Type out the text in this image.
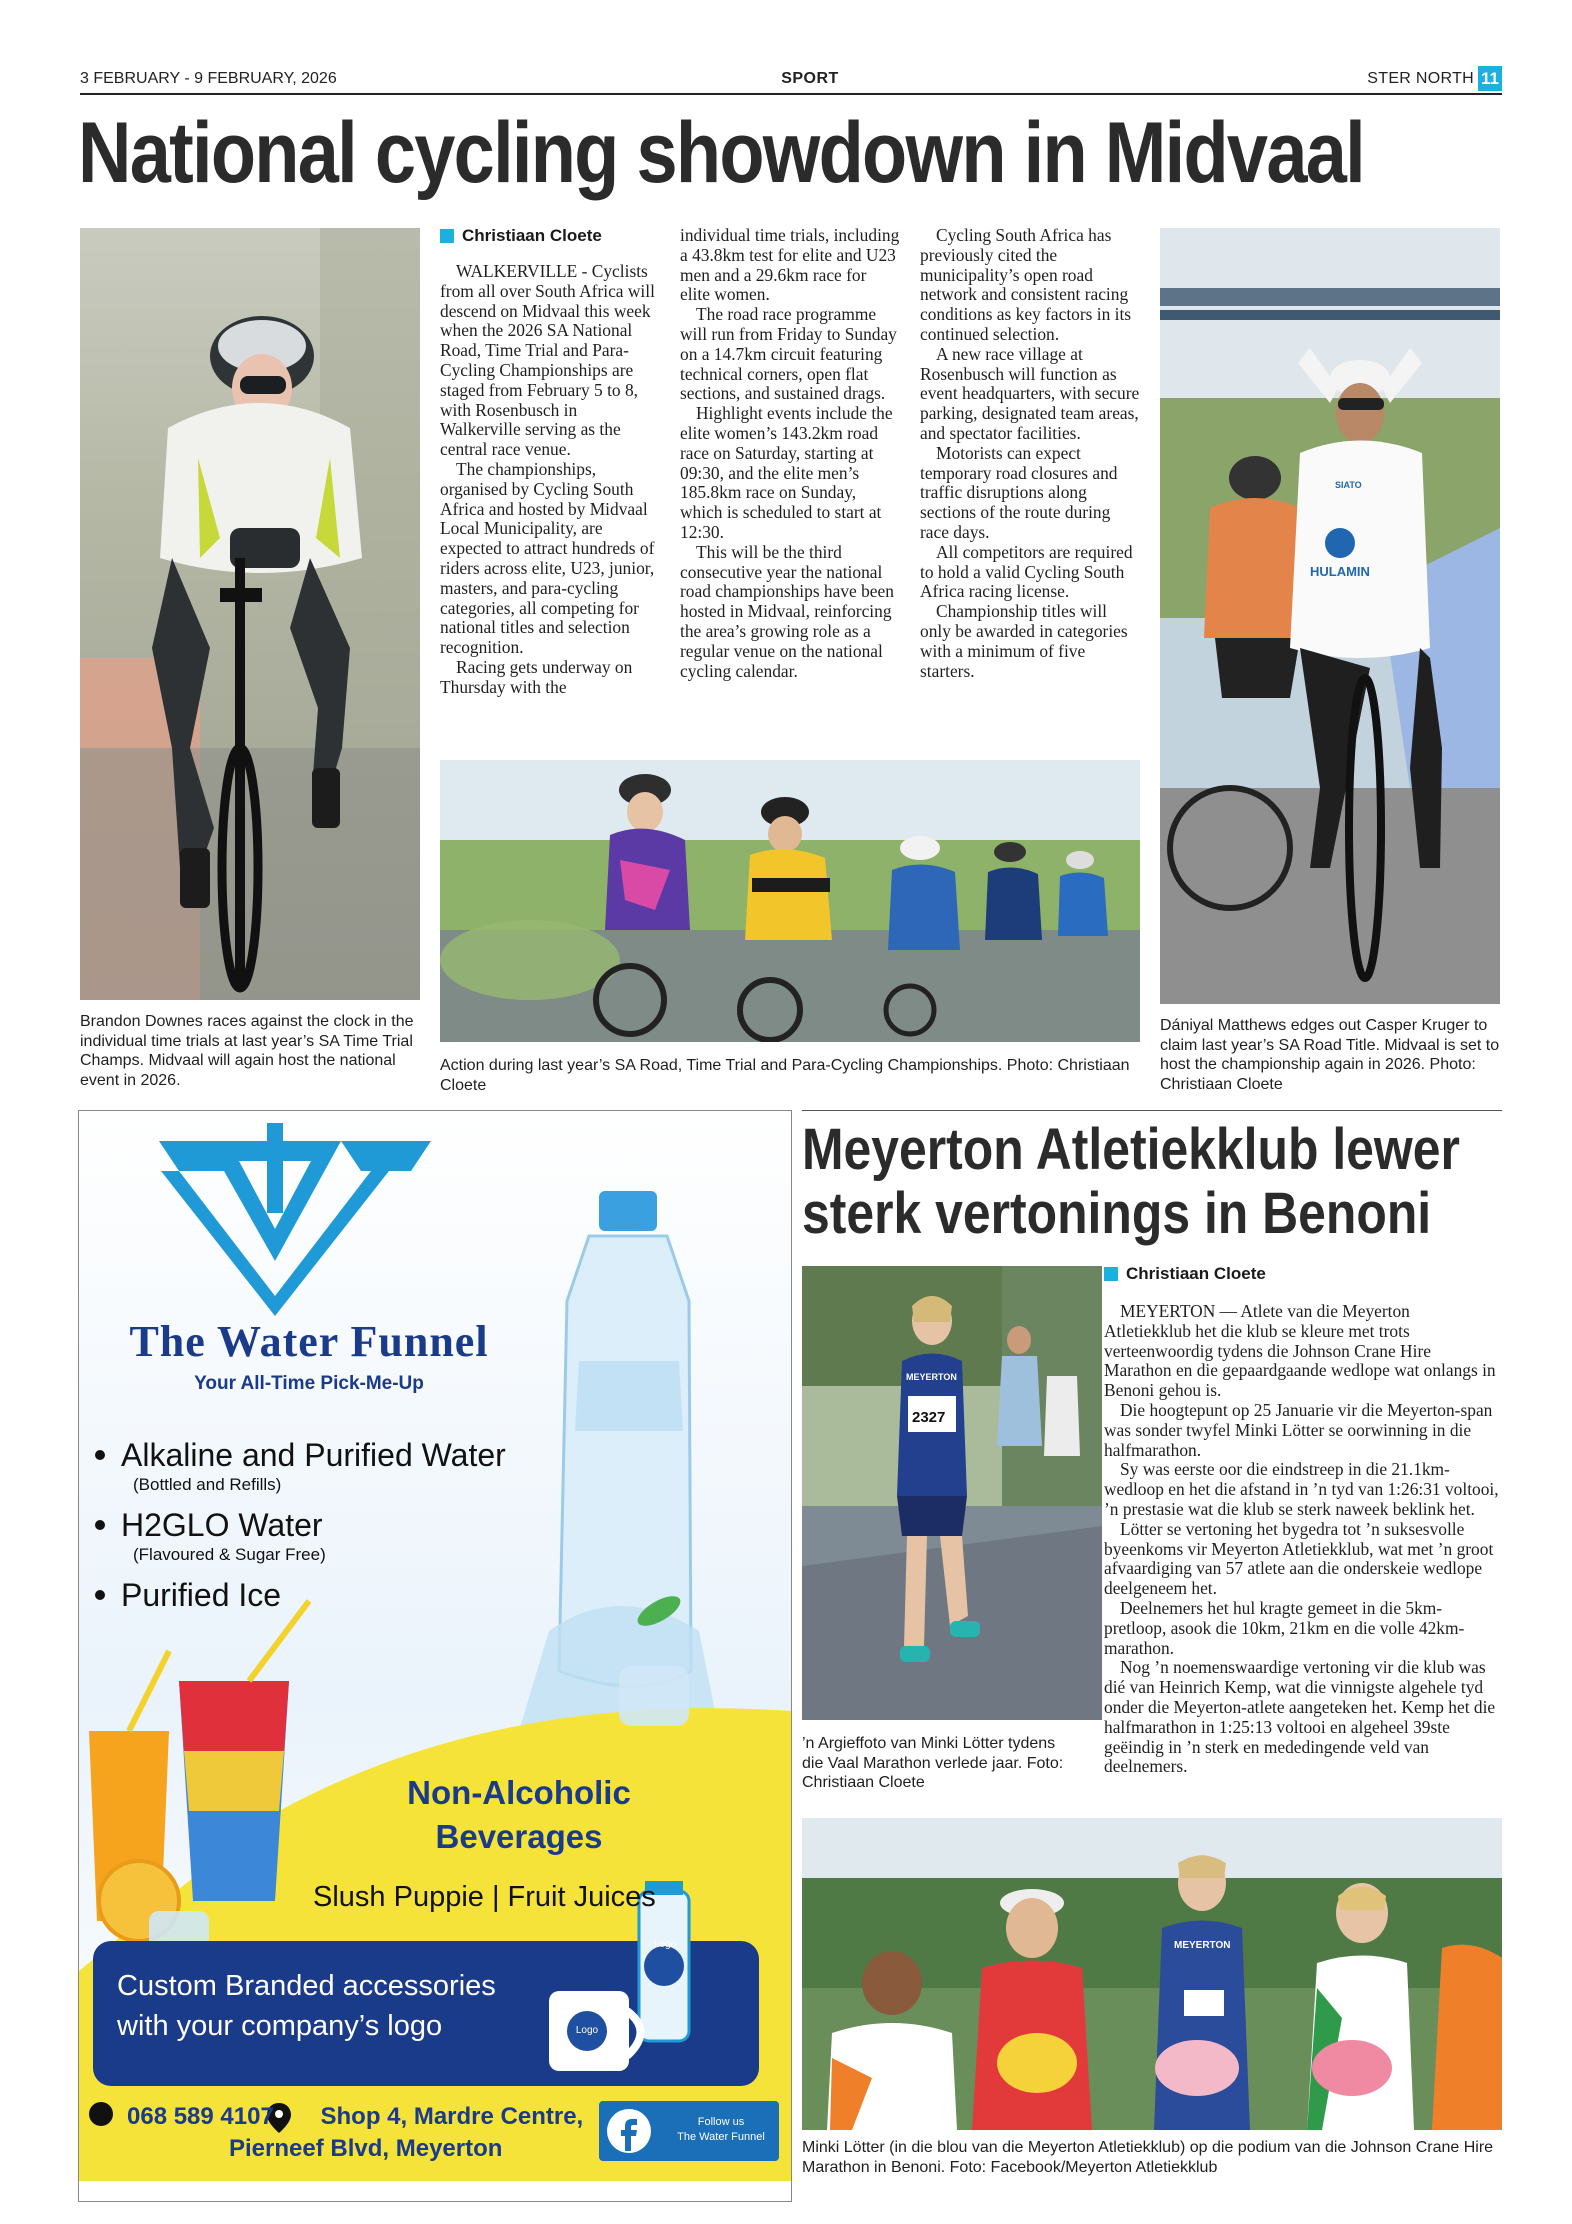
3 FEBRUARY - 9 FEBRUARY, 2026	SPORT	STER NORTH 11
National cycling showdown in Midvaal
Brandon Downes races against the clock in the individual time trials at last year’s SA Time Trial Champs. Midvaal will again host the national event in 2026.
Christiaan Cloete

WALKERVILLE - Cyclists from all over South Africa will descend on Midvaal this week when the 2026 SA National Road, Time Trial and Para-Cycling Championships are staged from February 5 to 8, with Rosenbusch in Walkerville serving as the central race venue.

The championships, organised by Cycling South Africa and hosted by Midvaal Local Municipality, are expected to attract hundreds of riders across elite, U23, junior, masters, and para-cycling categories, all competing for national titles and selection recognition.

Racing gets underway on Thursday with the

individual time trials, including a 43.8km test for elite and U23 men and a 29.6km race for elite women.

The road race programme will run from Friday to Sunday on a 14.7km circuit featuring technical corners, open flat sections, and sustained drags.

Highlight events include the elite women’s 143.2km road race on Saturday, starting at 09:30, and the elite men’s 185.8km race on Sunday, which is scheduled to start at 12:30.

This will be the third consecutive year the national road championships have been hosted in Midvaal, reinforcing the area’s growing role as a regular venue on the national cycling calendar.

Cycling South Africa has previously cited the municipality’s open road network and consistent racing conditions as key factors in its continued selection.

A new race village at Rosenbusch will function as event headquarters, with secure parking, designated team areas, and spectator facilities.

Motorists can expect temporary road closures and traffic disruptions along sections of the route during race days.

All competitors are required to hold a valid Cycling South Africa racing license.

Championship titles will only be awarded in categories with a minimum of five starters.

HULAMIN
SIATO
Dániyal Matthews edges out Casper Kruger to claim last year’s SA Road Title. Midvaal is set to host the championship again in 2026. Photo: Christiaan Cloete
Action during last year’s SA Road, Time Trial and Para-Cycling Championships. Photo: Christiaan Cloete
The Water Funnel
Your All-Time Pick-Me-Up
Alkaline and Purified Water
(Bottled and Refills)
H2GLO Water
(Flavoured & Sugar Free)
Purified Ice
Non-Alcoholic
Beverages
Slush Puppie | Fruit Juices
Custom Branded accessories
with your company’s logo
Logo
Logo
068 589 4107 Shop 4, Mardre Centre,
Pierneef Blvd, Meyerton
Follow us
The Water Funnel
Meyerton Atletiekklub lewer
sterk vertonings in Benoni
2327
MEYERTON
’n Argieffoto van Minki Lötter tydens die Vaal Marathon verlede jaar. Foto: Christiaan Cloete
Christiaan Cloete

MEYERTON — Atlete van die Meyerton Atletiekklub het die klub se kleure met trots verteenwoordig tydens die Johnson Crane Hire Marathon en die gepaardgaande wedlope wat onlangs in Benoni gehou is.

Die hoogtepunt op 25 Januarie vir die Meyerton-span was sonder twyfel Minki Lötter se oorwinning in die halfmarathon.

Sy was eerste oor die eindstreep in die 21.1km-wedloop en het die afstand in ’n tyd van 1:26:31 voltooi, ’n prestasie wat die klub se sterk naweek beklink het.

Lötter se vertoning het bygedra tot ’n suksesvolle byeenkoms vir Meyerton Atletiekklub, wat met ’n groot afvaardiging van 57 atlete aan die onderskeie wedlope deelgeneem het.

Deelnemers het hul kragte gemeet in die 5km-pretloop, asook die 10km, 21km en die volle 42km-marathon.

Nog ’n noemenswaardige vertoning vir die klub was dié van Heinrich Kemp, wat die vinnigste algehele tyd onder die Meyerton-atlete aangeteken het. Kemp het die halfmarathon in 1:25:13 voltooi en algeheel 39ste geëindig in ’n sterk en mededingende veld van deelnemers.

MEYERTON
Minki Lötter (in die blou van die Meyerton Atletiekklub) op die podium van die Johnson Crane Hire Marathon in Benoni. Foto: Facebook/Meyerton Atletiekklub
